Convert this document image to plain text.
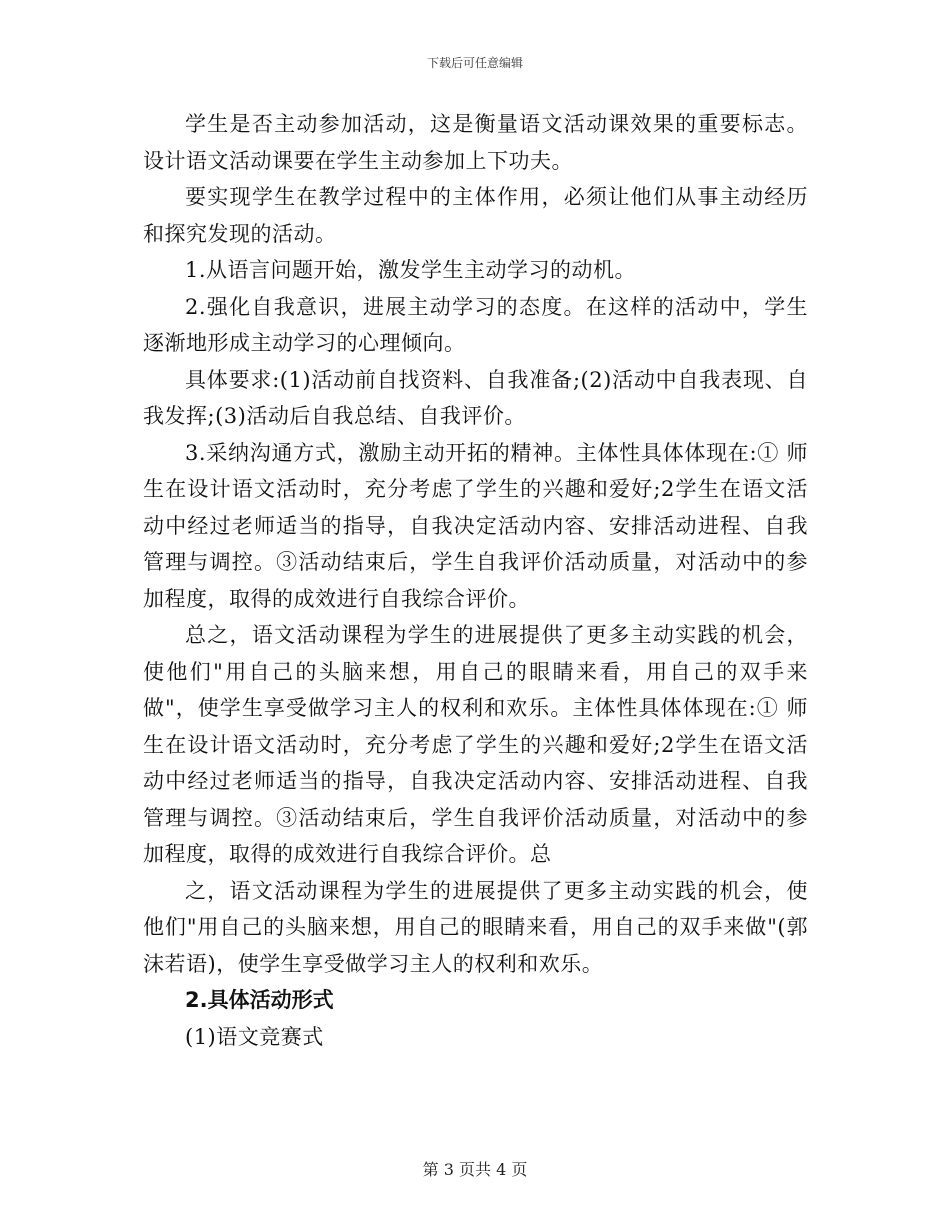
下载后可任意编辑

学生是否主动参加活动，这是衡量语文活动课效果的重要标志。设计语文活动课要在学生主动参加上下功夫。

要实现学生在教学过程中的主体作用，必须让他们从事主动经历和探究发现的活动。

1.从语言问题开始，激发学生主动学习的动机。

2.强化自我意识，进展主动学习的态度。在这样的活动中，学生逐渐地形成主动学习的心理倾向。

具体要求:(1)活动前自找资料、自我准备;(2)活动中自我表现、自我发挥;(3)活动后自我总结、自我评价。

3.采纳沟通方式，激励主动开拓的精神。主体性具体体现在:① 师生在设计语文活动时，充分考虑了学生的兴趣和爱好;2学生在语文活动中经过老师适当的指导，自我决定活动内容、安排活动进程、自我管理与调控。③活动结束后，学生自我评价活动质量，对活动中的参加程度，取得的成效进行自我综合评价。

总之，语文活动课程为学生的进展提供了更多主动实践的机会，使他们"用自己的头脑来想，用自己的眼睛来看，用自己的双手来做"，使学生享受做学习主人的权利和欢乐。主体性具体体现在:① 师生在设计语文活动时，充分考虑了学生的兴趣和爱好;2学生在语文活动中经过老师适当的指导，自我决定活动内容、安排活动进程、自我管理与调控。③活动结束后，学生自我评价活动质量，对活动中的参加程度，取得的成效进行自我综合评价。总

之，语文活动课程为学生的进展提供了更多主动实践的机会，使他们"用自己的头脑来想，用自己的眼睛来看，用自己的双手来做"(郭沫若语)，使学生享受做学习主人的权利和欢乐。

2.具体活动形式

(1)语文竞赛式

第 3 页共 4 页
